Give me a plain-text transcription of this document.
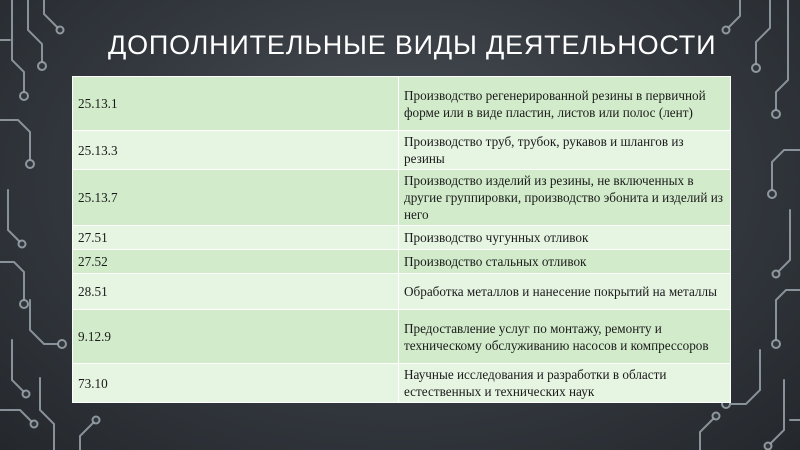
ДОПОЛНИТЕЛЬНЫЕ ВИДЫ ДЕЯТЕЛЬНОСТИ
25.13.1	Производство регенерированной резины в первичной форме или в виде пластин, листов или полос (лент)
25.13.3	Производство труб, трубок, рукавов и шлангов из резины
25.13.7	Производство изделий из резины, не включенных в другие группировки, производство эбонита и изделий из него
27.51	Производство чугунных отливок
27.52	Производство стальных отливок
28.51	Обработка металлов и нанесение покрытий на металлы
9.12.9	Предоставление услуг по монтажу, ремонту и техническому обслуживанию насосов и компрессоров
73.10	Научные исследования и разработки в области естественных и технических наук
